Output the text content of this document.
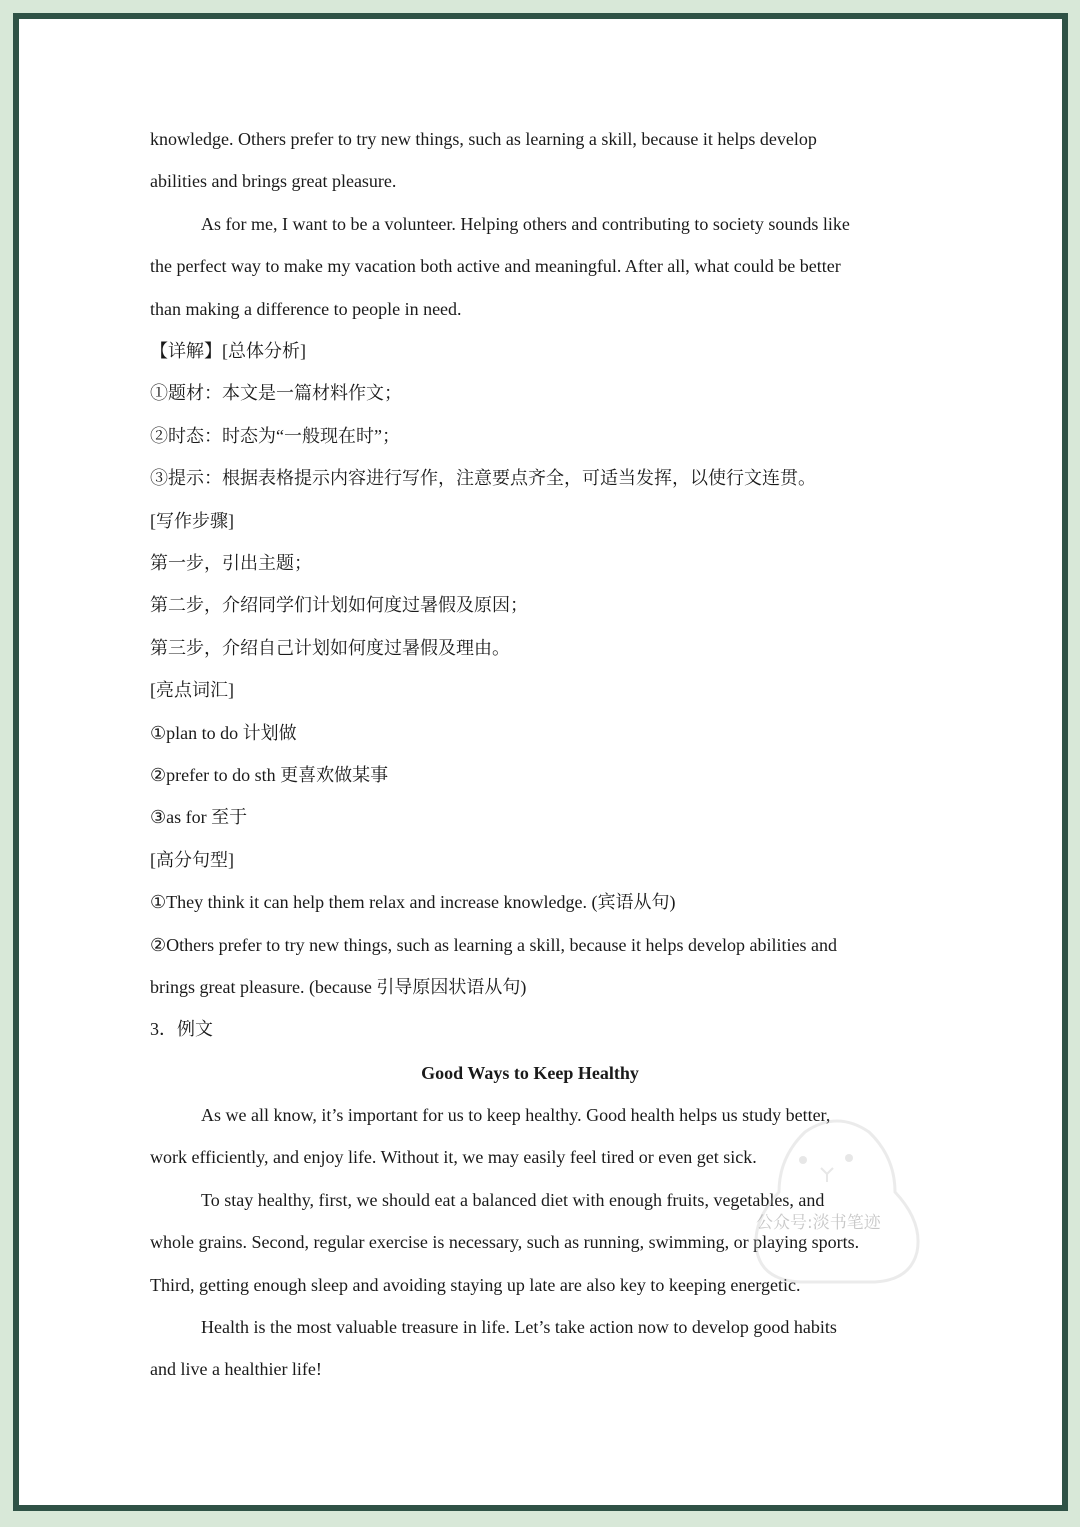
knowledge. Others prefer to try new things, such as learning a skill, because it helps develop
abilities and brings great pleasure.
As for me, I want to be a volunteer. Helping others and contributing to society sounds like
the perfect way to make my vacation both active and meaningful. After all, what could be better
than making a difference to people in need.
【详解】[总体分析]
①题材：本文是一篇材料作文；
②时态：时态为“一般现在时”；
③提示：根据表格提示内容进行写作，注意要点齐全，可适当发挥，以使行文连贯。
[写作步骤]
第一步，引出主题；
第二步，介绍同学们计划如何度过暑假及原因；
第三步，介绍自己计划如何度过暑假及理由。
[亮点词汇]
①plan to do 计划做
②prefer to do sth 更喜欢做某事
③as for 至于
[高分句型]
①They think it can help them relax and increase knowledge. (宾语从句)
②Others prefer to try new things, such as learning a skill, because it helps develop abilities and
brings great pleasure. (because 引导原因状语从句)
3．例文
Good Ways to Keep Healthy
As we all know, it’s important for us to keep healthy. Good health helps us study better,
work efficiently, and enjoy life. Without it, we may easily feel tired or even get sick.
To stay healthy, first, we should eat a balanced diet with enough fruits, vegetables, and
whole grains. Second, regular exercise is necessary, such as running, swimming, or playing sports.
Third, getting enough sleep and avoiding staying up late are also key to keeping energetic.
Health is the most valuable treasure in life. Let’s take action now to develop good habits
and live a healthier life!
公众号:淡书笔迹
